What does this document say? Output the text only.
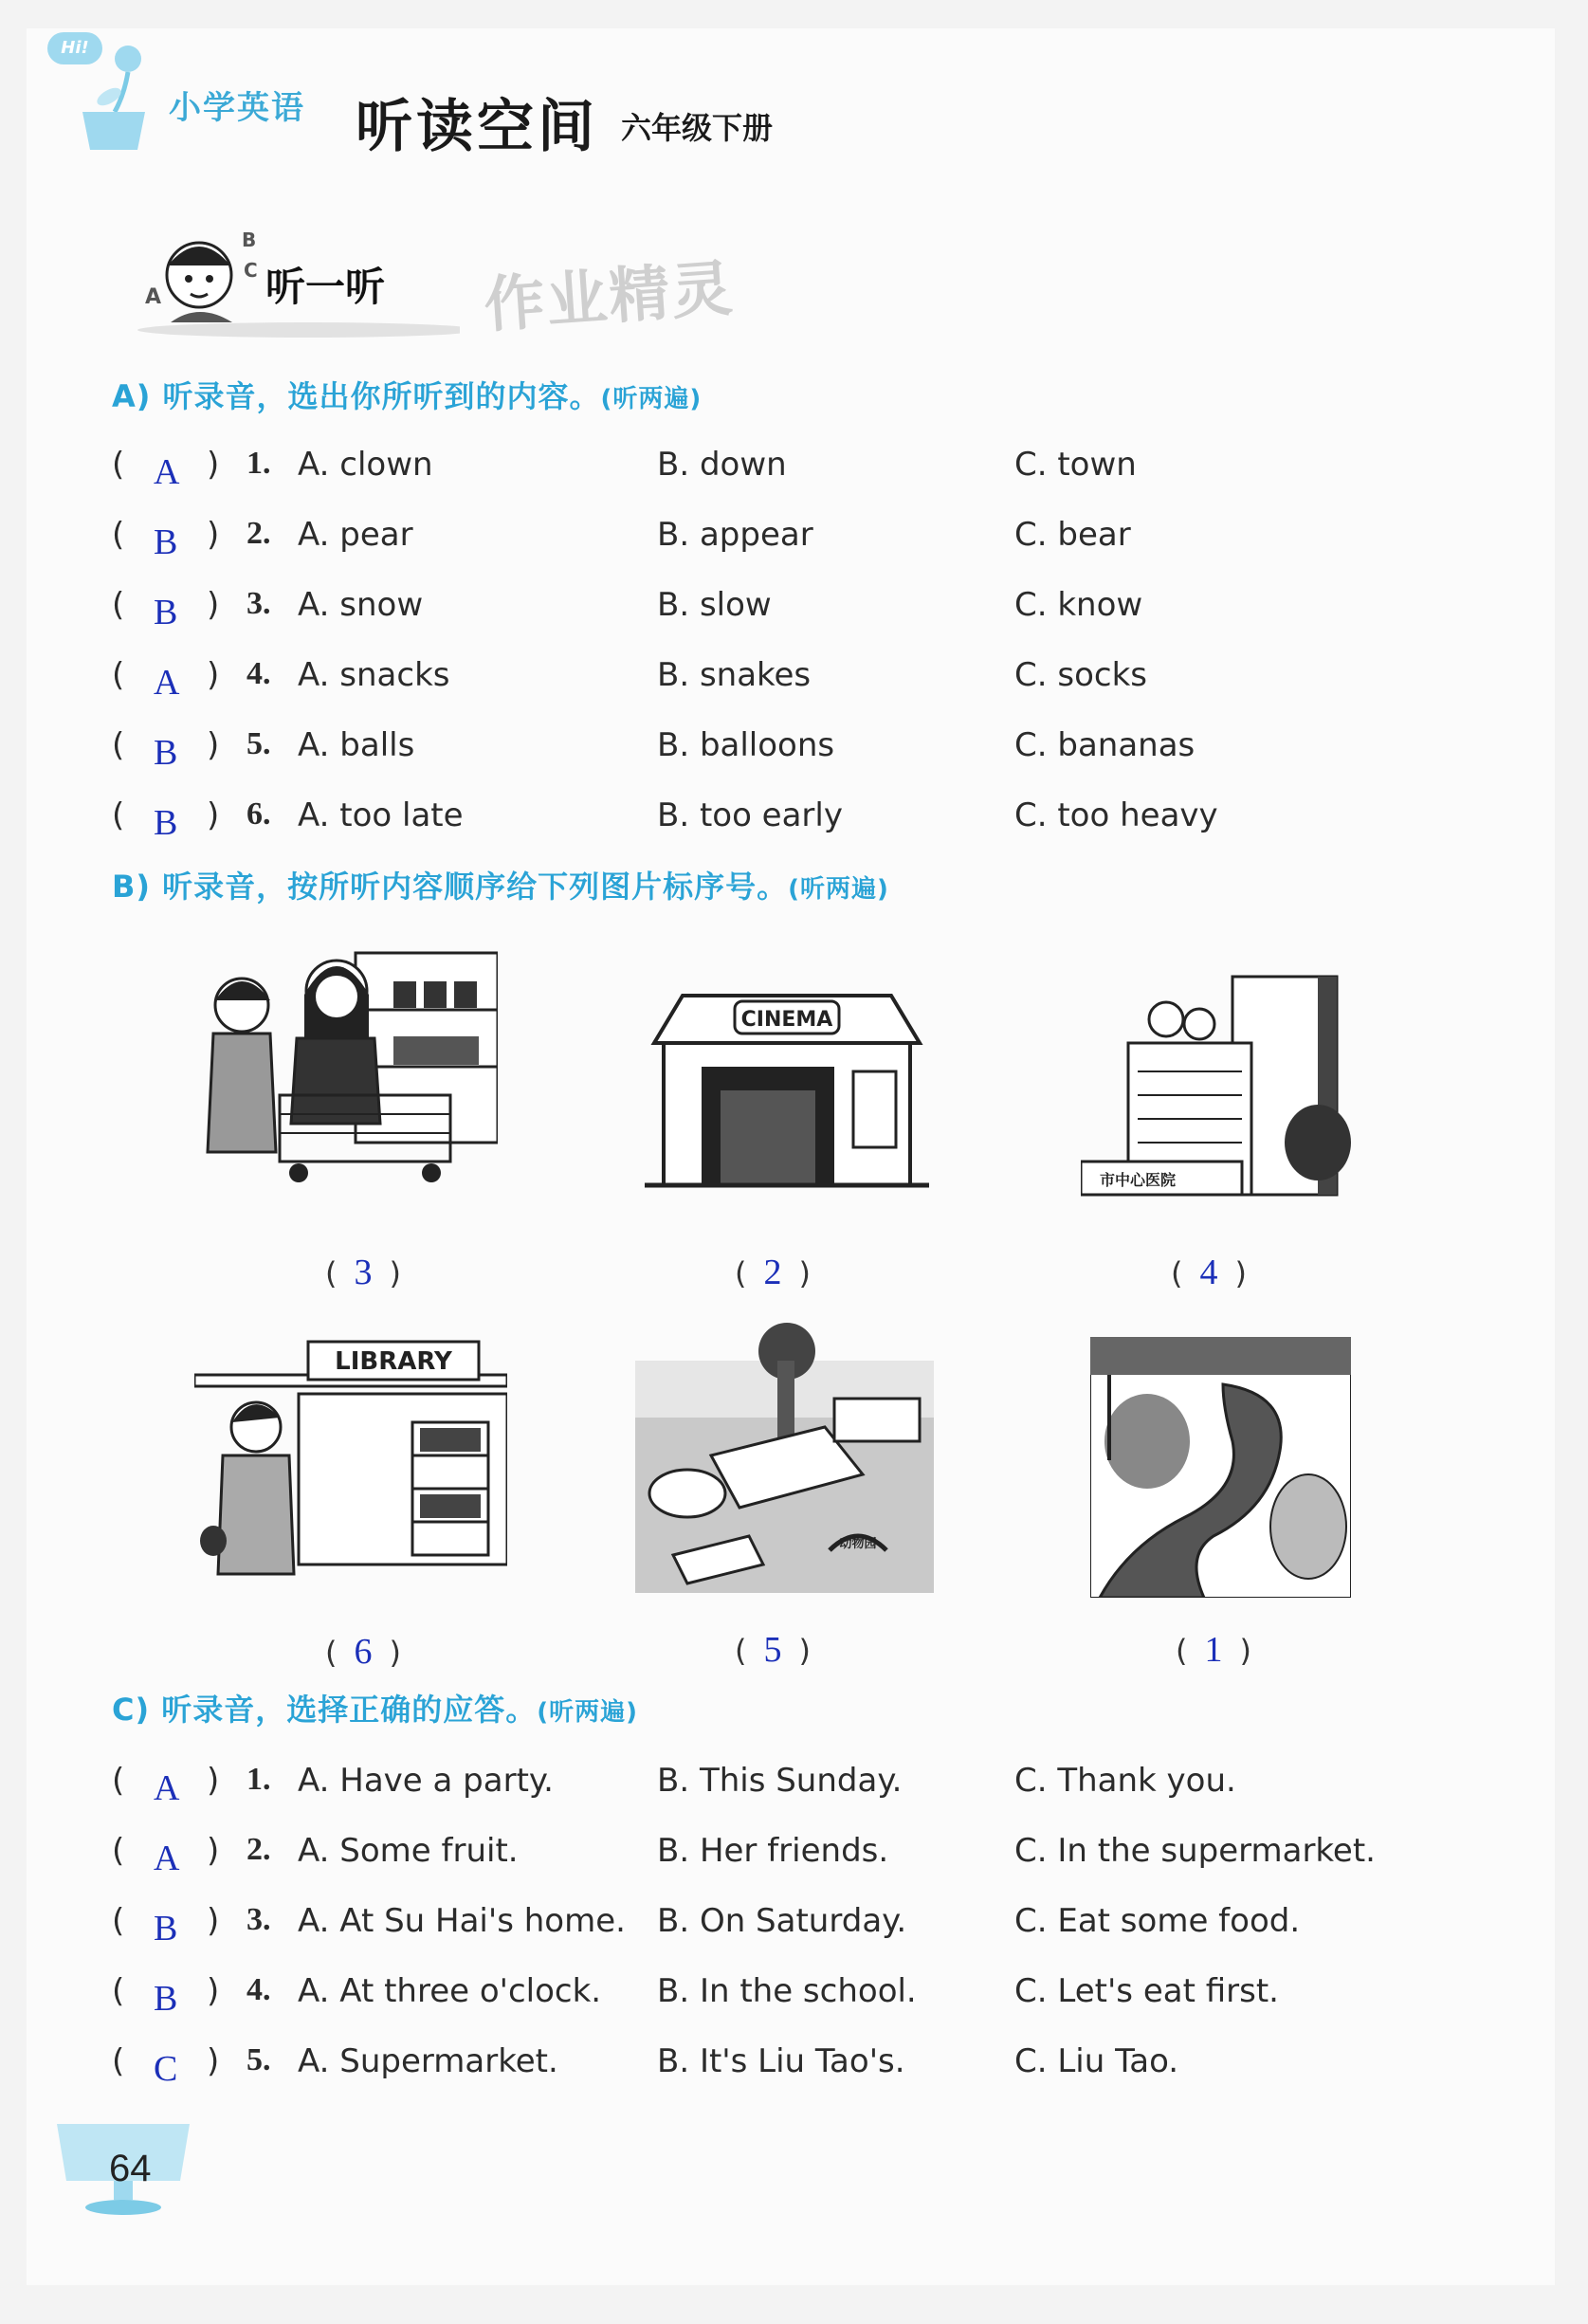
Hi!
小学英语 听读空间 六年级下册
A
B
C 听一听 作业精灵
A) 听录音，选出你所听到的内容。(听两遍)
( A ) 1. A. clown	B. down	C. town
( B ) 2. A. pear	B. appear	C. bear
( B ) 3. A. snow	B. slow	C. know
( A ) 4. A. snacks	B. snakes	C. socks
( B ) 5. A. balls	B. balloons	C. bananas
( B ) 6. A. too late	B. too early	C. too heavy
B) 听录音，按所听内容顺序给下列图片标序号。(听两遍)
( 3 )
CINEMA
( 2 )
市中心医院
( 4 )
LIBRARY
( 6 )
动物园
( 5 )	( 1 )
C) 听录音，选择正确的应答。(听两遍)
( A ) 1. A. Have a party.	B. This Sunday.	C. Thank you.
( A ) 2. A. Some fruit.	B. Her friends.	C. In the supermarket.
( B ) 3. A. At Su Hai's home. B. On Saturday.	C. Eat some food.
( B ) 4. A. At three o'clock. B. In the school.	C. Let's eat first.
( C ) 5. A. Supermarket.	B. It's Liu Tao's.	C. Liu Tao.
64
